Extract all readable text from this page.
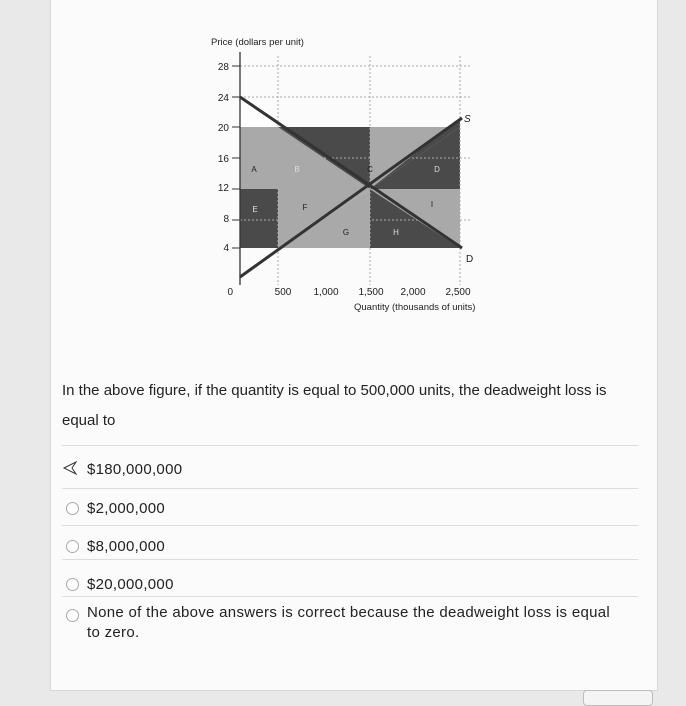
Price (dollars per unit)
Quantity (thousands of units)
28
24
20
16
12
8
4
0	500 1,000 1,500 2,000 2,500
A	B	C	D
E	F
G	H
I
S
D
In the above figure, if the quantity is equal to 500,000 units, the deadweight loss is equal to
$180,000,000
$2,000,000
$8,000,000
$20,000,000
None of the above answers is correct because the deadweight loss is equal to zero.
